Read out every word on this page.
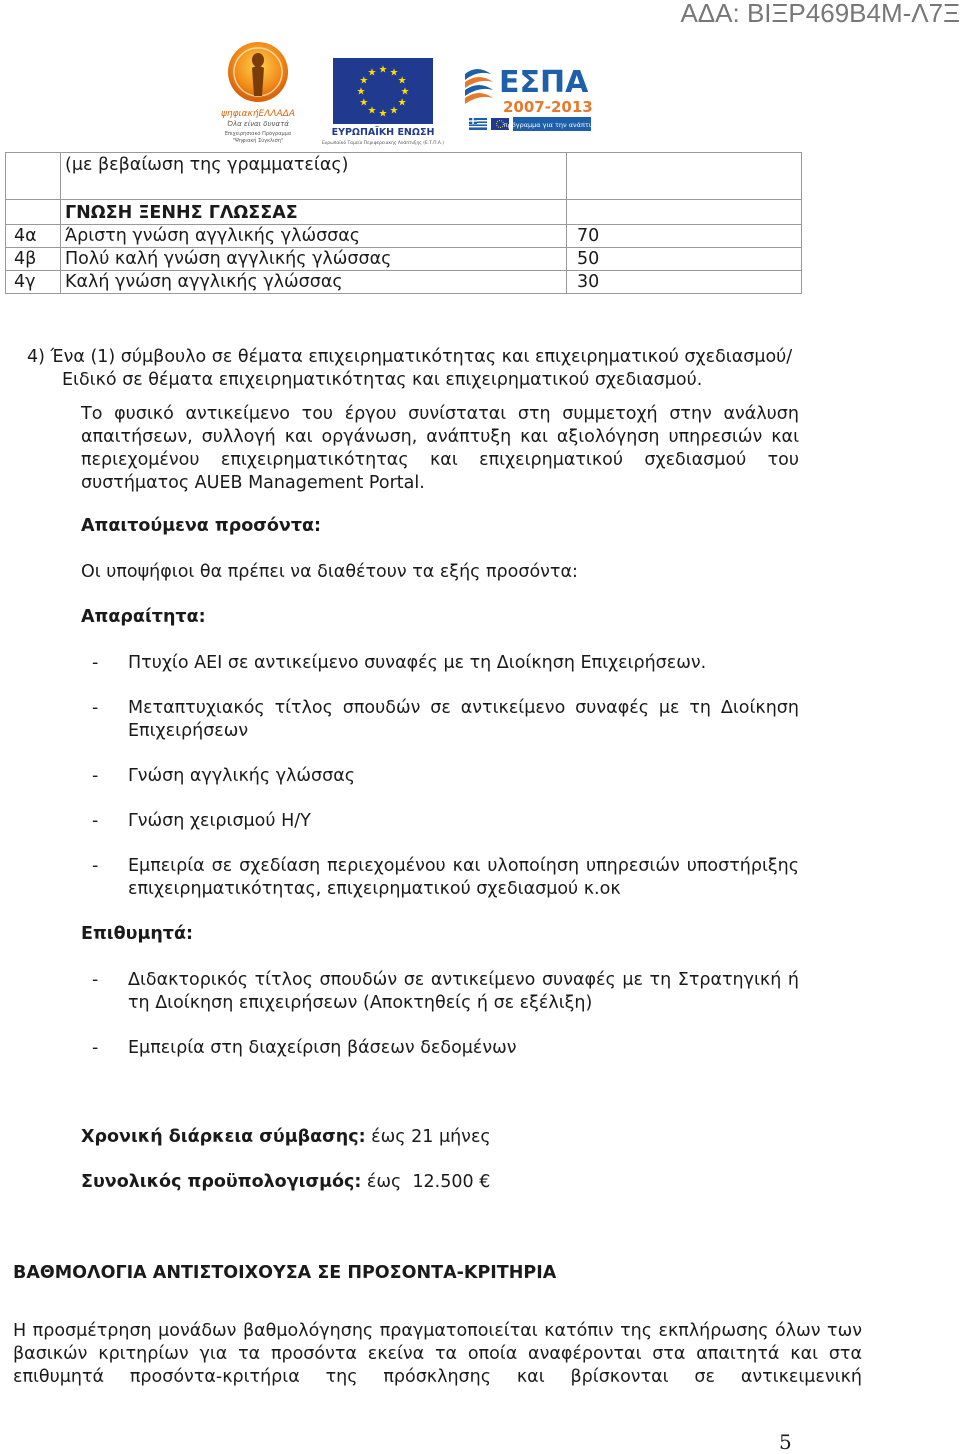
ΑΔΑ: ΒΙΞΡ469Β4Μ-Λ7Ξ
ψηφιακήΕΛΛΑΔΑ
Όλα είναι δυνατά
Επιχειρησιακό Πρόγραμμα
"Ψηφιακή Σύγκλιση"
★ ★
★
★
★
★
★
★
★
★
★
★
ΕΥΡΩΠΑΪΚΗ ΕΝΩΣΗ
Ευρωπαϊκό Ταμείο Περιφερειακής Ανάπτυξης (Ε.Τ.Π.Α.)
ΕΣΠΑ
2007-2013
πρόγραμμα για την ανάπτυξη
	(με βεβαίωση της γραμματείας)	
	ΓΝΩΣΗ ΞΕΝΗΣ ΓΛΩΣΣΑΣ	
4α	Άριστη γνώση αγγλικής γλώσσας	70
4β	Πολύ καλή γνώση αγγλικής γλώσσας	50
4γ	Καλή γνώση αγγλικής γλώσσας	30
4) Ένα (1) σύμβουλο σε θέματα επιχειρηματικότητας και επιχειρηματικού σχεδιασμού/
Ειδικό σε θέματα επιχειρηματικότητας και επιχειρηματικού σχεδιασμού.
Το φυσικό αντικείμενο του έργου συνίσταται στη συμμετοχή στην ανάλυση απαιτήσεων, συλλογή και οργάνωση, ανάπτυξη και αξιολόγηση υπηρεσιών και περιεχομένου επιχειρηματικότητας και επιχειρηματικού σχεδιασμού του συστήματος AUEB Management Portal.
Απαιτούμενα προσόντα:
Οι υποψήφιοι θα πρέπει να διαθέτουν τα εξής προσόντα:
Απαραίτητα:
-	Πτυχίο ΑΕΙ σε αντικείμενο συναφές με τη Διοίκηση Επιχειρήσεων.
-	Μεταπτυχιακός τίτλος σπουδών σε αντικείμενο συναφές με τη Διοίκηση Επιχειρήσεων
-	Γνώση αγγλικής γλώσσας
-	Γνώση χειρισμού Η/Υ
-	Εμπειρία σε σχεδίαση περιεχομένου και υλοποίηση υπηρεσιών υποστήριξης επιχειρηματικότητας, επιχειρηματικού σχεδιασμού κ.οκ
Επιθυμητά:
-	Διδακτορικός τίτλος σπουδών σε αντικείμενο συναφές με τη Στρατηγική ή τη Διοίκηση επιχειρήσεων (Αποκτηθείς ή σε εξέλιξη)
-	Εμπειρία στη διαχείριση βάσεων δεδομένων
Χρονική διάρκεια σύμβασης: έως 21 μήνες
Συνολικός προϋπολογισμός: έως  12.500 €
ΒΑΘΜΟΛΟΓΙΑ ΑΝΤΙΣΤΟΙΧΟΥΣΑ ΣΕ ΠΡΟΣΟΝΤΑ-ΚΡΙΤΗΡΙΑ
Η προσμέτρηση μονάδων βαθμολόγησης πραγματοποιείται κατόπιν της εκπλήρωσης όλων των βασικών κριτηρίων για τα προσόντα εκείνα τα οποία αναφέρονται στα απαιτητά και στα επιθυμητά προσόντα-κριτήρια της πρόσκλησης και βρίσκονται σε αντικειμενική
5
